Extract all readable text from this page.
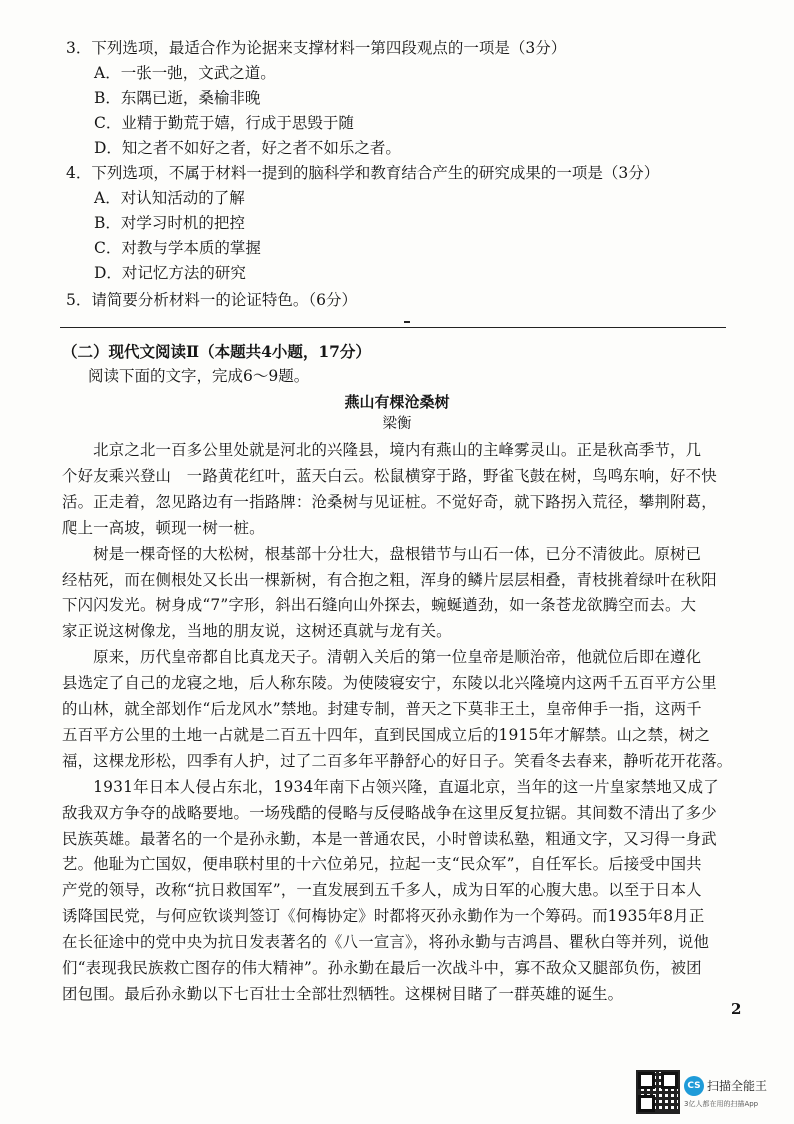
3．下列选项，最适合作为论据来支撑材料一第四段观点的一项是（3分）
A．一张一弛，文武之道。
B．东隅已逝，桑榆非晚
C．业精于勤荒于嬉，行成于思毁于随
D．知之者不如好之者，好之者不如乐之者。
4．下列选项，不属于材料一提到的脑科学和教育结合产生的研究成果的一项是（3分）
A．对认知活动的了解
B．对学习时机的把控
C．对教与学本质的掌握
D．对记忆方法的研究
5．请简要分析材料一的论证特色。（6分）
（二）现代文阅读Ⅱ（本题共4小题，17分）
阅读下面的文字，完成6～9题。
燕山有棵沧桑树
梁衡
　　北京之北一百多公里处就是河北的兴隆县，境内有燕山的主峰雾灵山。正是秋高季节，几
个好友乘兴登山　一路黄花红叶，蓝天白云。松鼠横穿于路，野雀飞鼓在树，鸟鸣东响，好不快
活。正走着，忽见路边有一指路牌：沧桑树与见证桩。不觉好奇，就下路拐入荒径，攀荆附葛，
爬上一高坡，顿现一树一桩。
　　树是一棵奇怪的大松树，根基部十分壮大，盘根错节与山石一体，已分不清彼此。原树已
经枯死，而在侧根处又长出一棵新树，有合抱之粗，浑身的鳞片层层相叠，青枝挑着绿叶在秋阳
下闪闪发光。树身成“7”字形，斜出石缝向山外探去，蜿蜒遒劲，如一条苍龙欲腾空而去。大
家正说这树像龙，当地的朋友说，这树还真就与龙有关。
　　原来，历代皇帝都自比真龙天子。清朝入关后的第一位皇帝是顺治帝，他就位后即在遵化
县选定了自己的龙寝之地，后人称东陵。为使陵寝安宁，东陵以北兴隆境内这两千五百平方公里
的山林，就全部划作“后龙风水”禁地。封建专制，普天之下莫非王土，皇帝伸手一指，这两千
五百平方公里的土地一占就是二百五十四年，直到民国成立后的1915年才解禁。山之禁，树之
福，这棵龙形松，四季有人护，过了二百多年平静舒心的好日子。笑看冬去春来，静听花开花落。
　　1931年日本人侵占东北，1934年南下占领兴隆，直逼北京，当年的这一片皇家禁地又成了
敌我双方争夺的战略要地。一场残酷的侵略与反侵略战争在这里反复拉锯。其间数不清出了多少
民族英雄。最著名的一个是孙永勤，本是一普通农民，小时曾读私塾，粗通文字，又习得一身武
艺。他耻为亡国奴，便串联村里的十六位弟兄，拉起一支“民众军”，自任军长。后接受中国共
产党的领导，改称“抗日救国军”，一直发展到五千多人，成为日军的心腹大患。以至于日本人
诱降国民党，与何应钦谈判签订《何梅协定》时都将灭孙永勤作为一个筹码。而1935年8月正
在长征途中的党中央为抗日发表著名的《八一宣言》，将孙永勤与吉鸿昌、瞿秋白等并列，说他
们“表现我民族救亡图存的伟大精神”。孙永勤在最后一次战斗中，寡不敌众又腿部负伤，被团
团包围。最后孙永勤以下七百壮士全部壮烈牺牲。这棵树目睹了一群英雄的诞生。
2
CS 扫描全能王
3亿人都在用的扫描App
